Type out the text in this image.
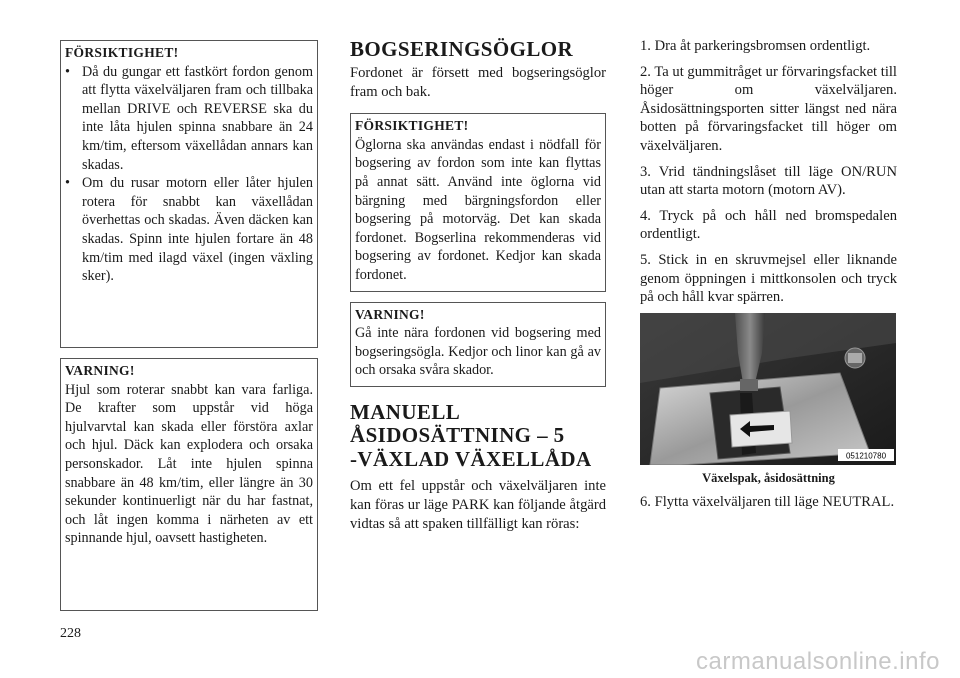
FÖRSIKTIGHET!
• Då du gungar ett fastkört fordon genom att flytta växelväljaren fram och tillbaka mellan DRIVE och REVERSE ska du inte låta hjulen spinna snabbare än 24 km/tim, eftersom växellådan annars kan skadas.
• Om du rusar motorn eller låter hjulen rotera för snabbt kan växellådan överhettas och skadas. Även däcken kan skadas. Spinn inte hjulen fortare än 48 km/tim med ilagd växel (ingen växling sker).
VARNING!

Hjul som roterar snabbt kan vara farliga. De krafter som uppstår vid höga hjulvarvtal kan skada eller förstöra axlar och hjul. Däck kan explodera och orsaka personskador. Låt inte hjulen spinna snabbare än 48 km/tim, eller längre än 30 sekunder kontinuerligt när du har fastnat, och låt ingen komma i närheten av ett spinnande hjul, oavsett hastigheten.

BOGSERINGSÖGLOR

Fordonet är försett med bogseringsöglor fram och bak.

FÖRSIKTIGHET!

Öglorna ska användas endast i nödfall för bogsering av fordon som inte kan flyttas på annat sätt. Använd inte öglorna vid bärgning med bärgningsfordon eller bogsering på motorväg. Det kan skada fordonet. Bogserlina rekommenderas vid bogsering av fordonet. Kedjor kan skada fordonet.

VARNING!

Gå inte nära fordonen vid bogsering med bogseringsögla. Kedjor och linor kan gå av och orsaka svåra skador.

MANUELL
ÅSIDOSÄTTNING – 5
-VÄXLAD VÄXELLÅDA

Om ett fel uppstår och växelväljaren inte kan föras ur läge PARK kan följande åtgärd vidtas så att spaken tillfälligt kan röras:

1. Dra åt parkeringsbromsen ordentligt.

2. Ta ut gummitråget ur förvaringsfacket till höger om växelväljaren. Åsidosättningsporten sitter längst ned nära botten på förvaringsfacket till höger om växelväljaren.

3. Vrid tändningslåset till läge ON/RUN utan att starta motorn (motorn AV).

4. Tryck på och håll ned bromspedalen ordentligt.

5. Stick in en skruvmejsel eller liknande genom öppningen i mittkonsolen och tryck på och håll kvar spärren.

051210780
Växelspak, åsidosättning

6. Flytta växelväljaren till läge NEUTRAL.

228
carmanualsonline.info
